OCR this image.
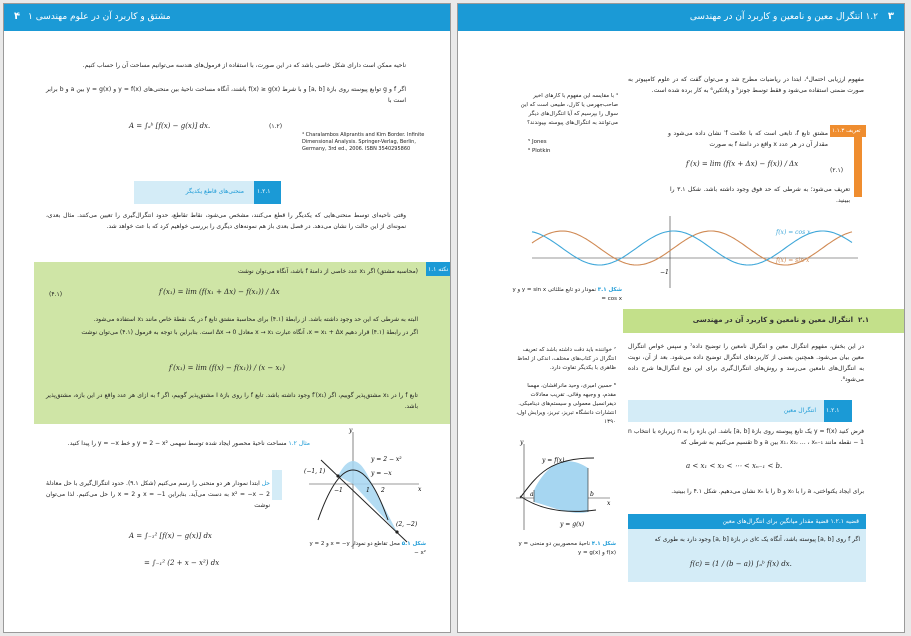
۴ ۱ مشتق و کاربرد آن در علوم مهندسی
ناحیه ممکن است دارای شکل خاصی باشد که در این صورت، با استفاده از فرمول‌های هندسه می‌توانیم مساحت آن را حساب کنیم.
اگر f و g توابع پیوسته روی بازهٔ [a, b] و با شرط f(x) ≥ g(x) باشند، آنگاه مساحت ناحیهٔ بین منحنی‌های y = f(x) و y = g(x) بین a و b برابر است با
A = ∫ₐᵇ [f(x) − g(x)] dx.	(۱.۲)
⁴ Charalambos Aliprantis and Kim Border. Infinite Dimensional Analysis. Springer-Verlag, Berlin, Germany, 3rd ed., 2006. ISBN 3540295860
۱.۲.۱
منحنی‌های قاطع یکدیگر
وقتی ناحیه‌ای توسط منحنی‌هایی که یکدیگر را قطع می‌کنند، مشخص می‌شود، نقاط تقاطع، حدود انتگرال‌گیری را تعیین می‌کنند. مثال بعدی، نمونه‌ای از این حالت را نشان می‌دهد. در فصل بعدی باز هم نمونه‌های دیگری را بررسی خواهیم کرد که با عث خواهد شد.
نکته ۱.۱
(محاسبه مشتق) اگر x₁ عدد خاصی از دامنهٔ f باشد، آنگاه می‌توان نوشت
f′(x₁) = lim (f(x₁ + Δx) − f(x₁)) / Δx
(۴.۱)
البته به شرطی که این حد وجود داشته باشد. از رابطهٔ (۴.۱) برای محاسبهٔ مشتق تابع f در یک نقطهٔ خاص مانند x₁ استفاده می‌شود.
اگر در رابطهٔ (۴.۱) قرار دهیم x = x₁ + Δx، آنگاه عبارت x → x₁ معادل Δx → 0 است. بنابراین با توجه به فرمول (۴.۱) می‌توان نوشت
f′(x₁) = lim (f(x) − f(x₁)) / (x − x₁)
تابع f را در x₁ مشتق‌پذیر گوییم، اگر f′(x₁) وجود داشته باشد. تابع f را روی بازهٔ I مشتق‌پذیر گوییم، اگر f به ازای هر عدد واقع در این بازه، مشتق‌پذیر باشد.
مثال ۱.۲ مساحت ناحیهٔ محصور ایجاد شده توسط سهمی y = 2 − x² و خط y = −x را پیدا کنید.
حل ابتدا نمودار هر دو منحنی را رسم می‌کنیم (شکل ۹.۱). حدود انتگرال‌گیری با حل معادلهٔ 2 − x² = −x به دست می‌آید. بنابراین x = −1 و x = 2 را حل می‌کنیم. لذا می‌توان نوشت
A = ∫₋₁² [f(x) − g(x)] dx
= ∫₋₁² (2 + x − x²) dx
x
y
(−1, 1)
(2, −2)
y = 2 − x²
y = −x
−1	1 2
شکل ۵.۱ محل تقاطع دو نمودار x = −y و y = 2 − x²
۱.۲ انتگرال معین و نامعین و کاربرد آن در مهندسی ۳
⁴ با مقایسه این مفهوم با کارهای اخیر صاحب‌جهرمی یا کارل، طبیعی است که این سوال را بپرسیم که آیا انتگرال‌های دیگر می‌توانند به انتگرال‌های پیوسته بپیوندند؟
⁵ Jones
⁶ Plotkin
مفهوم ارزیابی احتمال⁴، ابتدا در ریاضیات مطرح شد و می‌توان گفت که در علوم کامپیوتر به صورت ضمنی استفاده می‌شود و فقط توسط جونز⁵ و پلاتکین⁶ به کار برده شده است.
تعریف ۱.۱.۳
مشتق تابع f، تابعی است که با علامت f′ نشان داده می‌شود و مقدار آن در هر عدد x واقع در دامنهٔ f به صورت
f′(x) = lim (f(x + Δx) − f(x)) / Δx
(۲.۱)
تعریف می‌شود؛ به شرطی که حد فوق وجود داشته باشد. شکل ۳.۱ را ببینید.
−1
f(x) = cos x
f(x) = sin x
شکل ۳.۱ نمودار دو تابع مثلثاتی y = sin x و y = cos x
انتگرال معین و نامعین و کاربرد آن در مهندسی ۲.۱
⁷ خواننده باید دقت داشته باشد که تعریف انتگرال در کتاب‌های مختلف، اندکی از لحاظ ظاهری با یکدیگر تفاوت دارد.
⁸ حسین امیری، وحید مانرافشان، مهسا مقدم، و وجیهه وفائی. تقریب معادلات دیفرانسیل معمولی و سیستم‌های دینامیکی. انتشارات دانشگاه تبریز، تبریز، ویرایش اول، ۱۳۹۰
در این بخش، مفهوم انتگرال معین و انتگرال نامعین را توضیح داده⁷ و سپس خواص انتگرال معین بیان می‌شود. همچنین بعضی از کاربردهای انتگرال توضیح داده می‌شود. بعد از آن، نوبت به انتگرال‌های نامعین می‌رسد و روش‌های انتگرال‌گیری برای این نوع انتگرال‌ها شرح داده می‌شود⁸.
۱.۲.۱
انتگرال معین
فرض کنید y = f(x) یک تابع پیوسته روی بازهٔ [a, b] باشد. این بازه را به n زیربازه با انتخاب n − 1 نقطه مانند x₁، x₂، … ، xₙ₋₁ بین a و b تقسیم می‌کنیم به شرطی که
a < x₁ < x₂ < ⋯ < xₙ₋₁ < b.
برای ایجاد یکنواختی، a را با x₀ و b را با xₙ نشان می‌دهیم. شکل ۴.۱ را ببینید.
قضیه ۱.۲.۱ قضیهٔ مقدار میانگین برای انتگرال‌های معین
اگر f روی [a, b] پیوسته باشد، آنگاه یک c‌ای در بازهٔ [a, b] وجود دارد به طوری که
f(c) = (1 / (b − a)) ∫ₐᵇ f(x) dx.
x
y
a	b
y = f(x)
y = g(x)
شکل ۴.۱ ناحیهٔ محصوربین دو منحنی y = f(x) و y = g(x)
